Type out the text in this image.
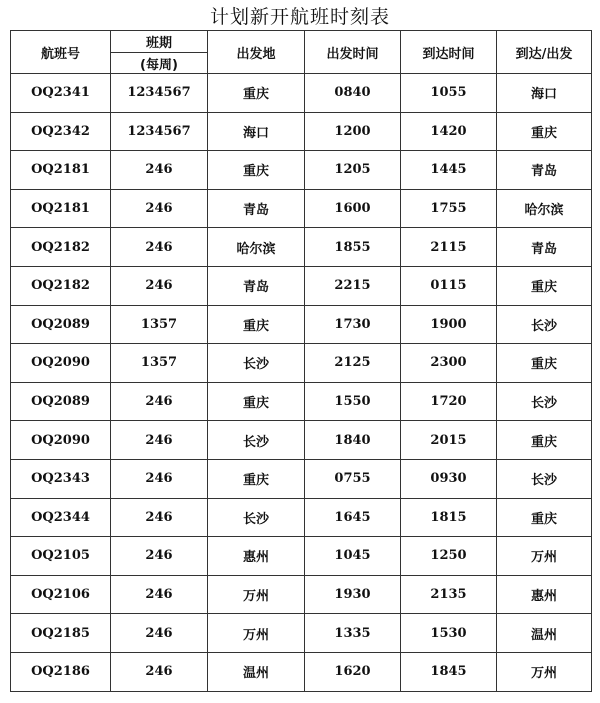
计划新开航班时刻表
航班号	班期	出发地	出发时间	到达时间	到达/出发
	(每周)				
OQ2341	1234567	重庆	0840	1055	海口
OQ2342	1234567	海口	1200	1420	重庆
OQ2181	246	重庆	1205	1445	青岛
OQ2181	246	青岛	1600	1755	哈尔滨
OQ2182	246	哈尔滨	1855	2115	青岛
OQ2182	246	青岛	2215	0115	重庆
OQ2089	1357	重庆	1730	1900	长沙
OQ2090	1357	长沙	2125	2300	重庆
OQ2089	246	重庆	1550	1720	长沙
OQ2090	246	长沙	1840	2015	重庆
OQ2343	246	重庆	0755	0930	长沙
OQ2344	246	长沙	1645	1815	重庆
OQ2105	246	惠州	1045	1250	万州
OQ2106	246	万州	1930	2135	惠州
OQ2185	246	万州	1335	1530	温州
OQ2186	246	温州	1620	1845	万州
